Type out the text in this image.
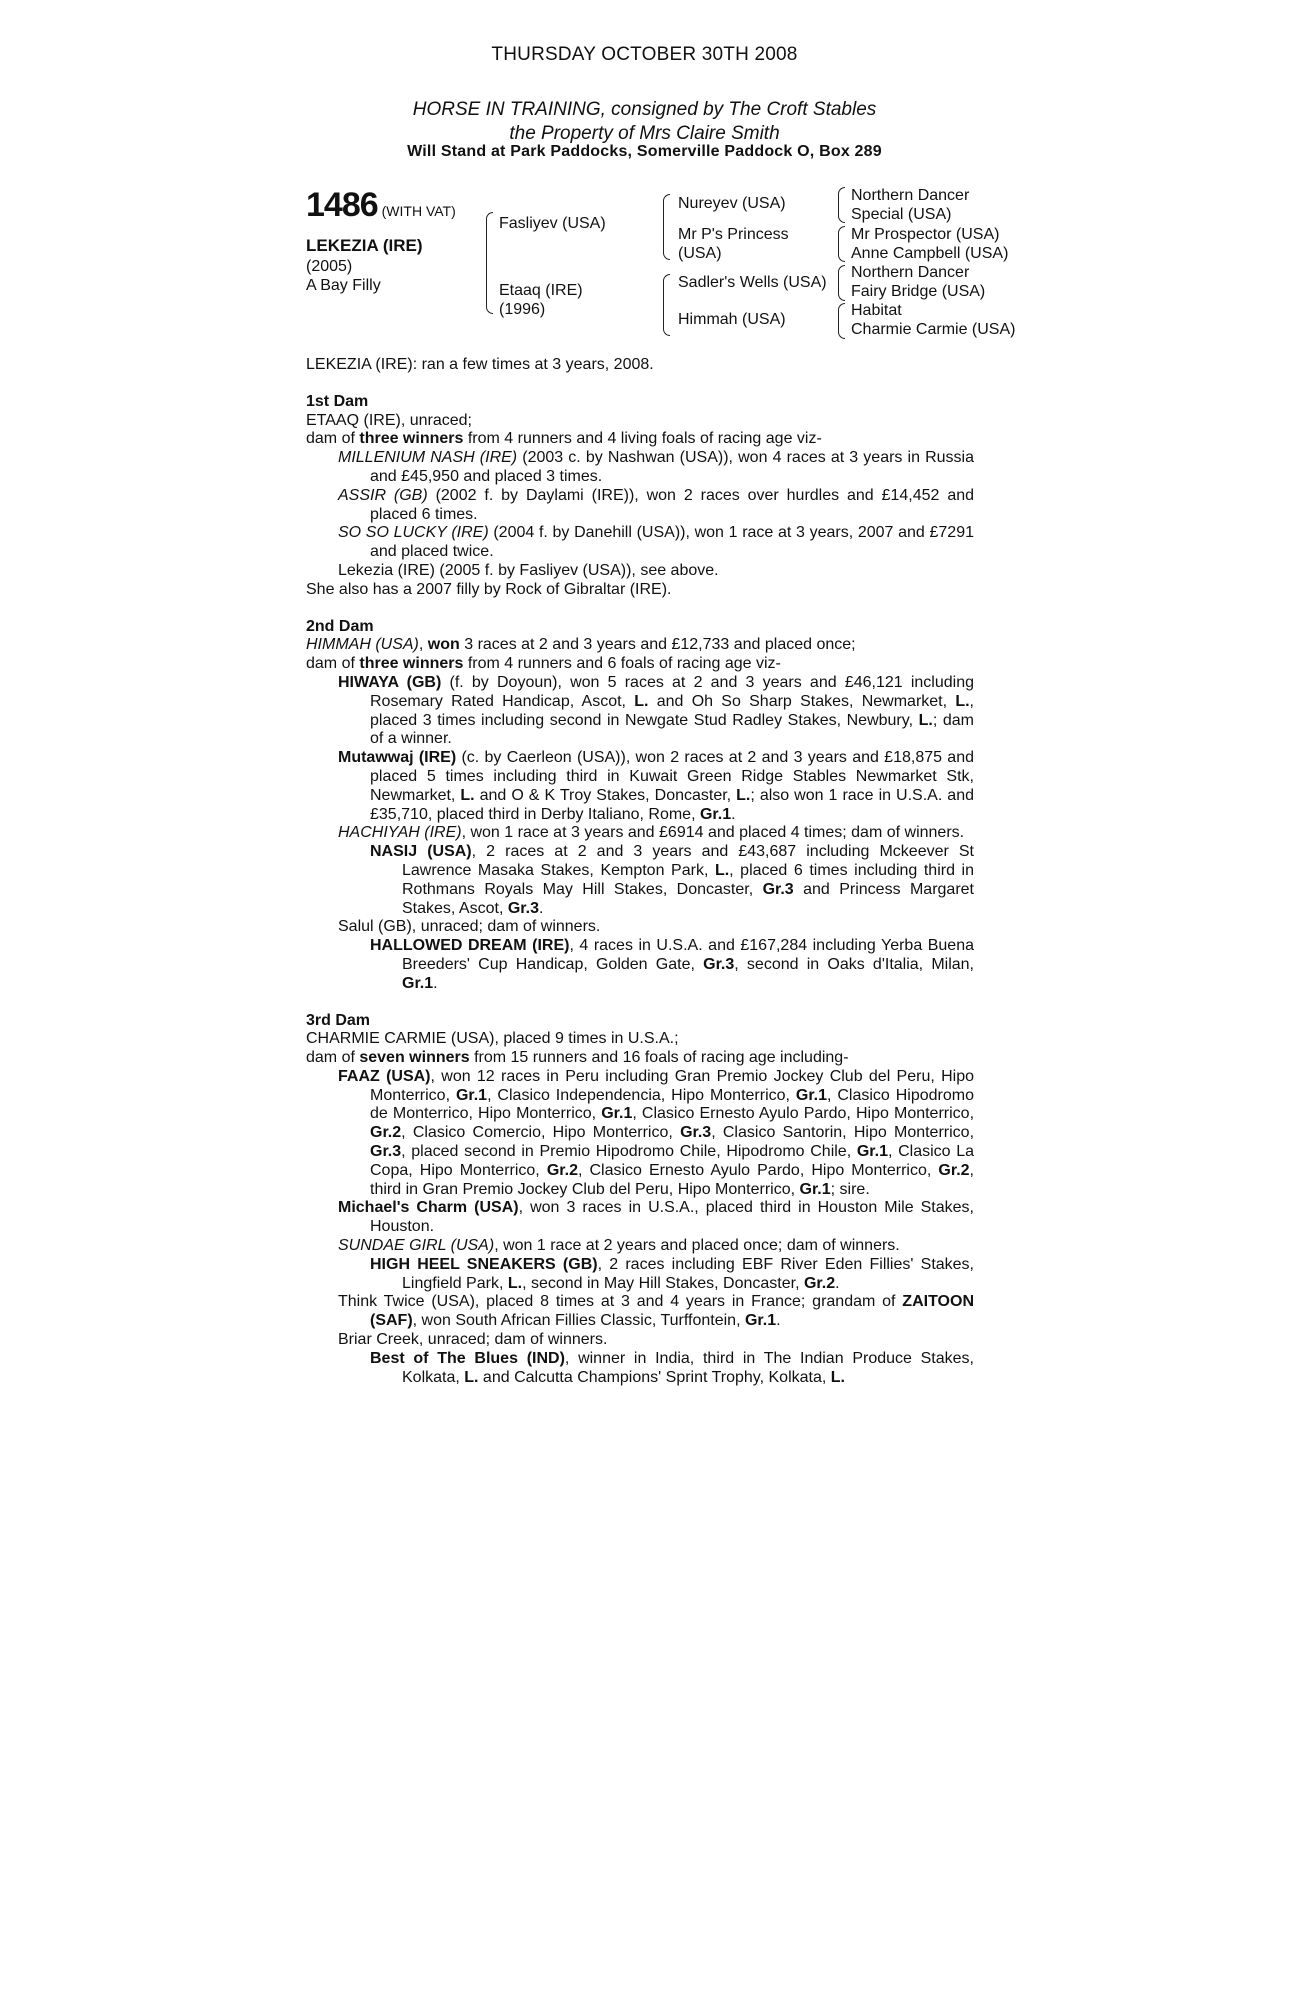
THURSDAY OCTOBER 30TH 2008
HORSE IN TRAINING, consigned by The Croft Stables
the Property of Mrs Claire Smith
Will Stand at Park Paddocks, Somerville Paddock O, Box 289
1486 (WITH VAT)
LEKEZIA (IRE)
(2005)
A Bay Filly
Fasliyev (USA)
Etaaq (IRE)
(1996)
Nureyev (USA)
Mr P's Princess
(USA)
Sadler's Wells (USA)
Himmah (USA)
Northern Dancer
Special (USA)
Mr Prospector (USA)
Anne Campbell (USA)
Northern Dancer
Fairy Bridge (USA)
Habitat
Charmie Carmie (USA)

LEKEZIA (IRE): ran a few times at 3 years, 2008.

1st Dam

ETAAQ (IRE), unraced;

dam of three winners from 4 runners and 4 living foals of racing age viz-

MILLENIUM NASH (IRE) (2003 c. by Nashwan (USA)), won 4 races at 3 years in Russia and £45,950 and placed 3 times.

ASSIR (GB) (2002 f. by Daylami (IRE)), won 2 races over hurdles and £14,452 and placed 6 times.

SO SO LUCKY (IRE) (2004 f. by Danehill (USA)), won 1 race at 3 years, 2007 and £7291 and placed twice.

Lekezia (IRE) (2005 f. by Fasliyev (USA)), see above.

She also has a 2007 filly by Rock of Gibraltar (IRE).

2nd Dam

HIMMAH (USA), won 3 races at 2 and 3 years and £12,733 and placed once;

dam of three winners from 4 runners and 6 foals of racing age viz-

HIWAYA (GB) (f. by Doyoun), won 5 races at 2 and 3 years and £46,121 including Rosemary Rated Handicap, Ascot, L. and Oh So Sharp Stakes, Newmarket, L., placed 3 times including second in Newgate Stud Radley Stakes, Newbury, L.; dam of a winner.

Mutawwaj (IRE) (c. by Caerleon (USA)), won 2 races at 2 and 3 years and £18,875 and placed 5 times including third in Kuwait Green Ridge Stables Newmarket Stk, Newmarket, L. and O & K Troy Stakes, Doncaster, L.; also won 1 race in U.S.A. and £35,710, placed third in Derby Italiano, Rome, Gr.1.

HACHIYAH (IRE), won 1 race at 3 years and £6914 and placed 4 times; dam of winners.

NASIJ (USA), 2 races at 2 and 3 years and £43,687 including Mckeever St Lawrence Masaka Stakes, Kempton Park, L., placed 6 times including third in Rothmans Royals May Hill Stakes, Doncaster, Gr.3 and Princess Margaret Stakes, Ascot, Gr.3.

Salul (GB), unraced; dam of winners.

HALLOWED DREAM (IRE), 4 races in U.S.A. and £167,284 including Yerba Buena Breeders' Cup Handicap, Golden Gate, Gr.3, second in Oaks d'Italia, Milan, Gr.1.

3rd Dam

CHARMIE CARMIE (USA), placed 9 times in U.S.A.;

dam of seven winners from 15 runners and 16 foals of racing age including-

FAAZ (USA), won 12 races in Peru including Gran Premio Jockey Club del Peru, Hipo Monterrico, Gr.1, Clasico Independencia, Hipo Monterrico, Gr.1, Clasico Hipodromo de Monterrico, Hipo Monterrico, Gr.1, Clasico Ernesto Ayulo Pardo, Hipo Monterrico, Gr.2, Clasico Comercio, Hipo Monterrico, Gr.3, Clasico Santorin, Hipo Monterrico, Gr.3, placed second in Premio Hipodromo Chile, Hipodromo Chile, Gr.1, Clasico La Copa, Hipo Monterrico, Gr.2, Clasico Ernesto Ayulo Pardo, Hipo Monterrico, Gr.2, third in Gran Premio Jockey Club del Peru, Hipo Monterrico, Gr.1; sire.

Michael's Charm (USA), won 3 races in U.S.A., placed third in Houston Mile Stakes, Houston.

SUNDAE GIRL (USA), won 1 race at 2 years and placed once; dam of winners.

HIGH HEEL SNEAKERS (GB), 2 races including EBF River Eden Fillies' Stakes, Lingfield Park, L., second in May Hill Stakes, Doncaster, Gr.2.

Think Twice (USA), placed 8 times at 3 and 4 years in France; grandam of ZAITOON (SAF), won South African Fillies Classic, Turffontein, Gr.1.

Briar Creek, unraced; dam of winners.

Best of The Blues (IND), winner in India, third in The Indian Produce Stakes, Kolkata, L. and Calcutta Champions' Sprint Trophy, Kolkata, L.
